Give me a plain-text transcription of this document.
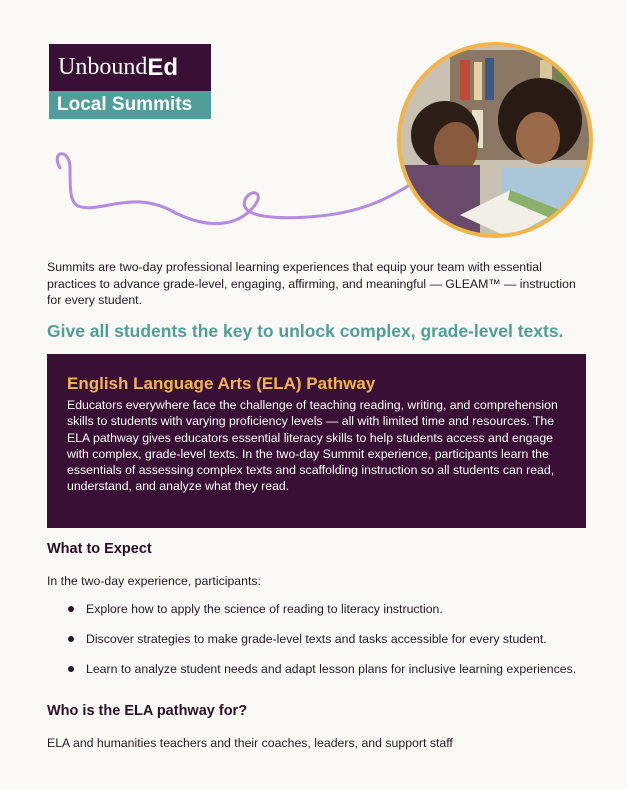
Unbound Ed
Local Summits
Summits are two-day professional learning experiences that equip your team with essential practices to advance grade-level, engaging, affirming, and meaningful — GLEAM™ — instruction for every student.
Give all students the key to unlock complex, grade-level texts.
English Language Arts (ELA) Pathway
Educators everywhere face the challenge of teaching reading, writing, and comprehension skills to students with varying proficiency levels — all with limited time and resources. The ELA pathway gives educators essential literacy skills to help students access and engage with complex, grade-level texts. In the two-day Summit experience, participants learn the essentials of assessing complex texts and scaffolding instruction so all students can read, understand, and analyze what they read.
What to Expect
In the two-day experience, participants:
Explore how to apply the science of reading to literacy instruction.
Discover strategies to make grade-level texts and tasks accessible for every student.
Learn to analyze student needs and adapt lesson plans for inclusive learning experiences.
Who is the ELA pathway for?
ELA and humanities teachers and their coaches, leaders, and support staff
